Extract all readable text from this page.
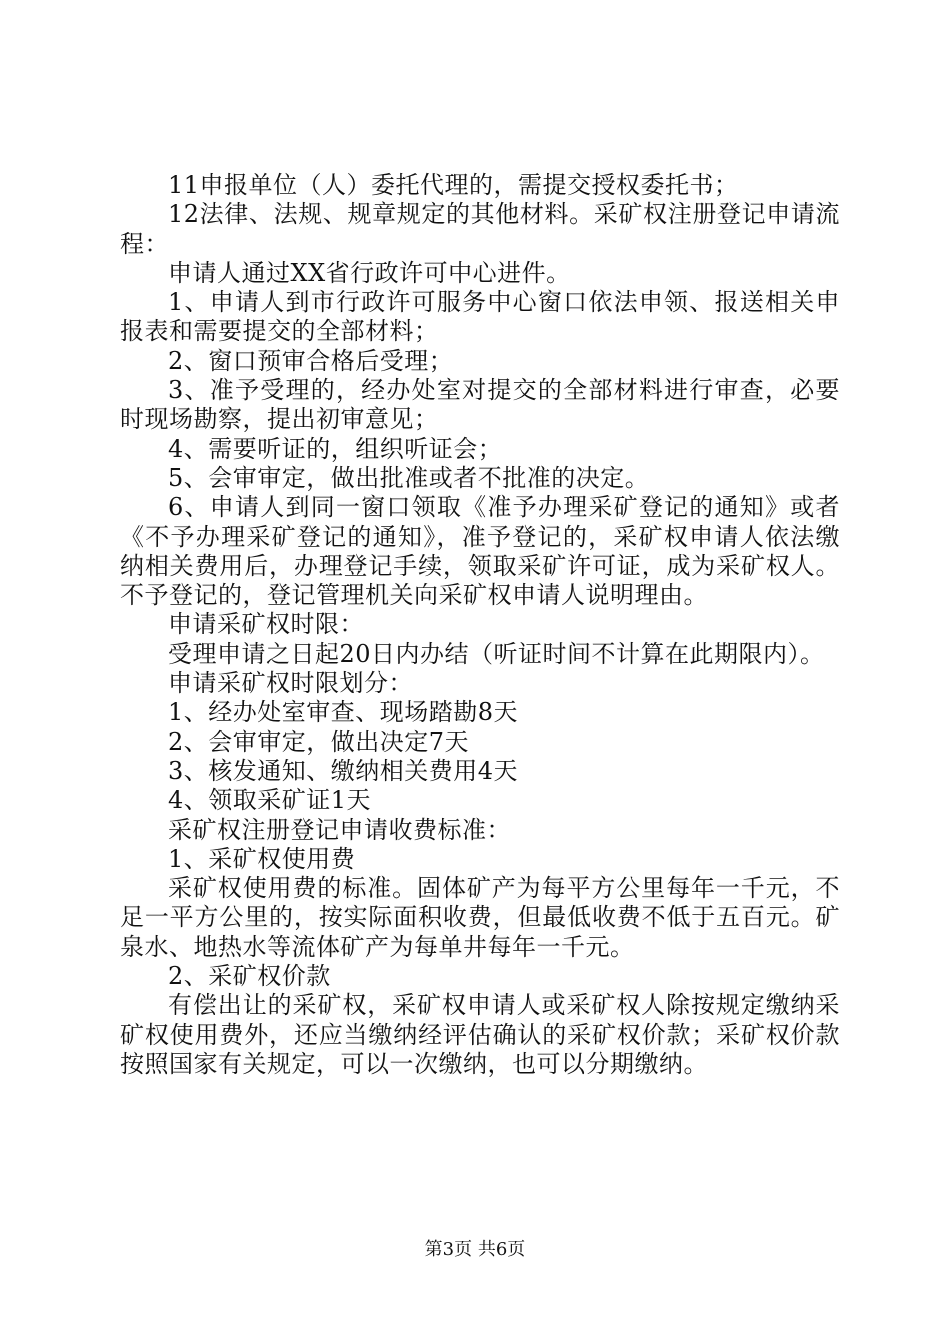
11申报单位（人）委托代理的，需提交授权委托书；

12法律、法规、规章规定的其他材料。采矿权注册登记申请流程：

申请人通过XX省行政许可中心进件。

1、申请人到市行政许可服务中心窗口依法申领、报送相关申报表和需要提交的全部材料；

2、窗口预审合格后受理；

3、准予受理的，经办处室对提交的全部材料进行审查，必要时现场勘察，提出初审意见；

4、需要听证的，组织听证会；

5、会审审定，做出批准或者不批准的决定。

6、申请人到同一窗口领取《准予办理采矿登记的通知》或者《不予办理采矿登记的通知》，准予登记的，采矿权申请人依法缴纳相关费用后，办理登记手续，领取采矿许可证，成为采矿权人。不予登记的，登记管理机关向采矿权申请人说明理由。

申请采矿权时限：

受理申请之日起20日内办结（听证时间不计算在此期限内）。

申请采矿权时限划分：

1、经办处室审查、现场踏勘8天

2、会审审定，做出决定7天

3、核发通知、缴纳相关费用4天

4、领取采矿证1天

采矿权注册登记申请收费标准：

1、采矿权使用费

采矿权使用费的标准。固体矿产为每平方公里每年一千元，不足一平方公里的，按实际面积收费，但最低收费不低于五百元。矿泉水、地热水等流体矿产为每单井每年一千元。

2、采矿权价款

有偿出让的采矿权，采矿权申请人或采矿权人除按规定缴纳采矿权使用费外，还应当缴纳经评估确认的采矿权价款；采矿权价款按照国家有关规定，可以一次缴纳，也可以分期缴纳。

第3页 共6页
